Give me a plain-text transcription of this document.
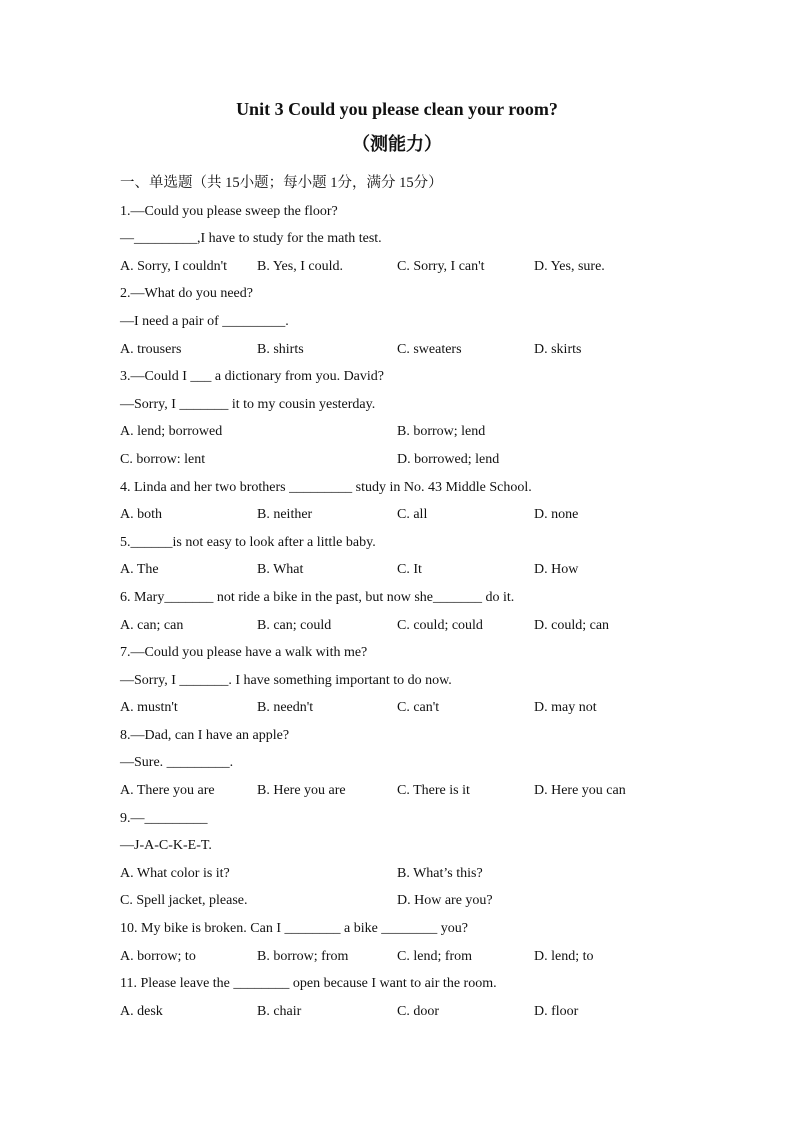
Unit 3 Could you please clean your room?
（测能力）
一、单选题（共 15小题；每小题 1分，满分 15分）
1.—Could you please sweep the floor?
—_________,I have to study for the math test.
A. Sorry, I couldn't B. Yes, I could.	C. Sorry, I can't	D. Yes, sure.
2.—What do you need?
—I need a pair of _________.
A. trousers	B. shirts	C. sweaters	D. skirts
3.—Could I ___ a dictionary from you. David?
—Sorry, I _______ it to my cousin yesterday.
A. lend; borrowed	B. borrow; lend
C. borrow: lent	D. borrowed; lend
4. Linda and her two brothers _________ study in No. 43 Middle School.
A. both	B. neither	C. all	D. none
5.______is not easy to look after a little baby.
A. The	B. What	C. It	D. How
6. Mary_______ not ride a bike in the past, but now she_______ do it.
A. can; can	B. can; could	C. could; could	D. could; can
7.—Could you please have a walk with me?
—Sorry, I _______. I have something important to do now.
A. mustn't	B. needn't	C. can't	D. may not
8.—Dad, can I have an apple?
—Sure. _________.
A. There you are	B. Here you are	C. There is it	D. Here you can
9.—_________
—J-A-C-K-E-T.
A. What color is it?	B. What’s this?
C. Spell jacket, please.	D. How are you?
10. My bike is broken. Can I ________ a bike ________ you?
A. borrow; to	B. borrow; from	C. lend; from	D. lend; to
11. Please leave the ________ open because I want to air the room.
A. desk	B. chair	C. door	D. floor
